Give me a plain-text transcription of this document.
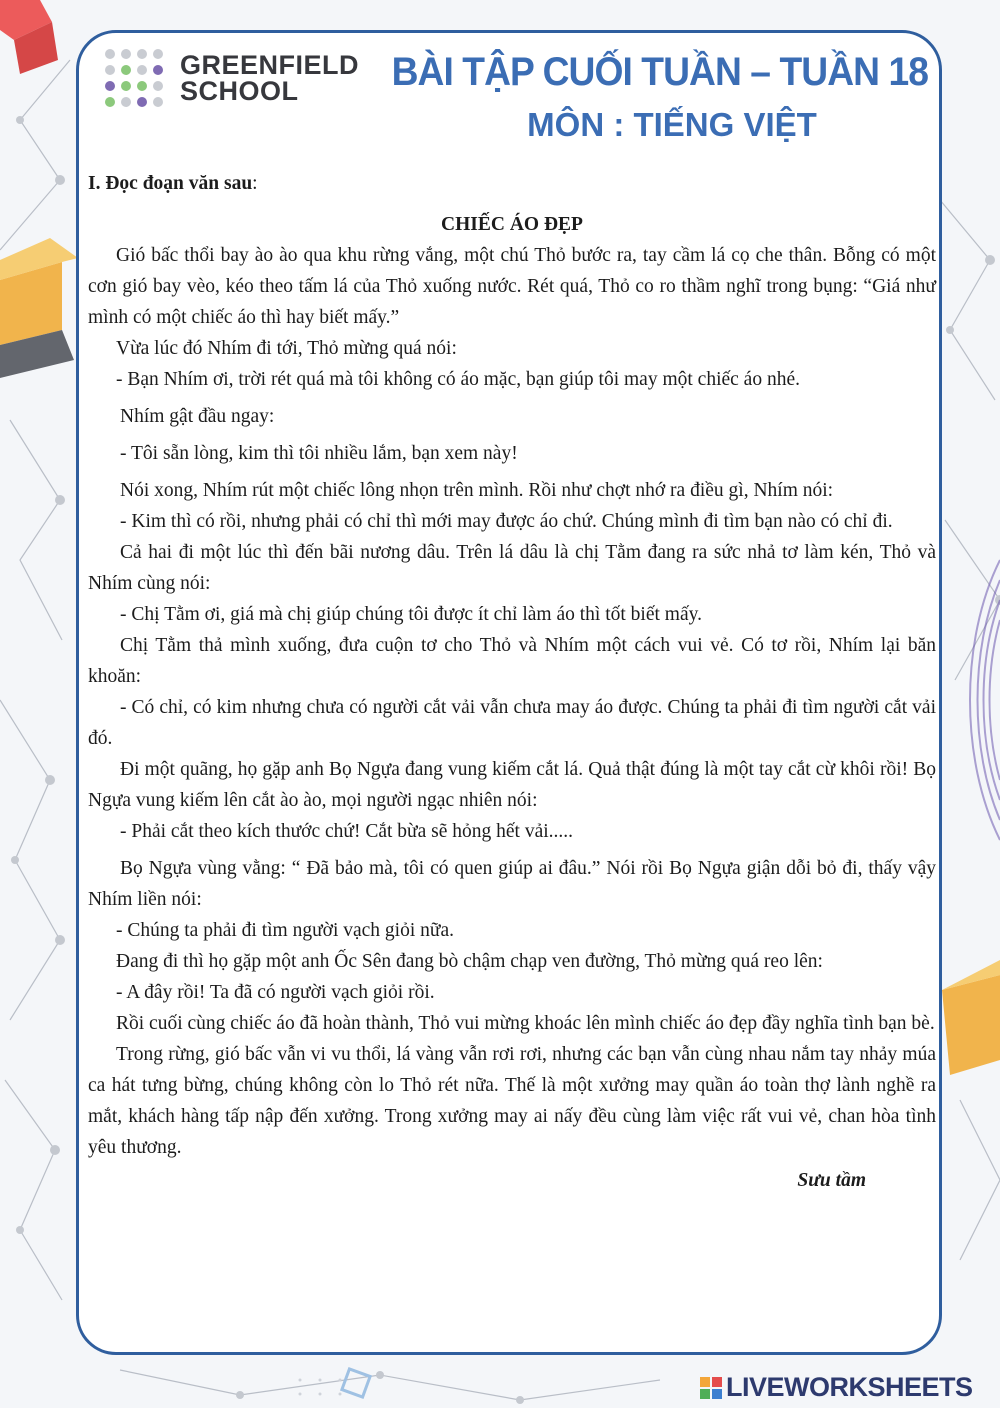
GREENFIELD
SCHOOL	BÀI TẬP CUỐI TUẦN – TUẦN 18
MÔN : TIẾNG VIỆT

I. Đọc đoạn văn sau:

CHIẾC ÁO ĐẸP

Gió bấc thổi bay ào ào qua khu rừng vắng, một chú Thỏ bước ra, tay cầm lá cọ che thân. Bỗng có một cơn gió bay vèo, kéo theo tấm lá của Thỏ xuống nước. Rét quá, Thỏ co ro thầm nghĩ trong bụng: “Giá như mình có một chiếc áo thì hay biết mấy.”

Vừa lúc đó Nhím đi tới, Thỏ mừng quá nói:

- Bạn Nhím ơi, trời rét quá mà tôi không có áo mặc, bạn giúp tôi may một chiếc áo nhé.

Nhím gật đầu ngay:

- Tôi sẵn lòng, kim thì tôi nhiều lắm, bạn xem này!

Nói xong, Nhím rút một chiếc lông nhọn trên mình. Rồi như chợt nhớ ra điều gì, Nhím nói:

- Kim thì có rồi, nhưng phải có chỉ thì mới may được áo chứ. Chúng mình đi tìm bạn nào có chỉ đi.

Cả hai đi một lúc thì đến bãi nương dâu. Trên lá dâu là chị Tằm đang ra sức nhả tơ làm kén, Thỏ và Nhím cùng nói:

- Chị Tằm ơi, giá mà chị giúp chúng tôi được ít chỉ làm áo thì tốt biết mấy.

Chị Tằm thả mình xuống, đưa cuộn tơ cho Thỏ và Nhím một cách vui vẻ. Có tơ rồi, Nhím lại băn khoăn:

- Có chỉ, có kim nhưng chưa có người cắt vải vẫn chưa may áo được. Chúng ta phải đi tìm người cắt vải đó.

Đi một quãng, họ gặp anh Bọ Ngựa đang vung kiếm cắt lá. Quả thật đúng là một tay cắt cừ khôi rồi! Bọ Ngựa vung kiếm lên cắt ào ào, mọi người ngạc nhiên nói:

- Phải cắt theo kích thước chứ! Cắt bừa sẽ hỏng hết vải.....

Bọ Ngựa vùng vằng: “ Đã bảo mà, tôi có quen giúp ai đâu.” Nói rồi Bọ Ngựa giận dỗi bỏ đi, thấy vậy Nhím liền nói:

- Chúng ta phải đi tìm người vạch giỏi nữa.

Đang đi thì họ gặp một anh Ốc Sên đang bò chậm chạp ven đường, Thỏ mừng quá reo lên:

- A đây rồi! Ta đã có người vạch giỏi rồi.

Rồi cuối cùng chiếc áo đã hoàn thành, Thỏ vui mừng khoác lên mình chiếc áo đẹp đầy nghĩa tình bạn bè.

Trong rừng, gió bấc vẫn vi vu thổi, lá vàng vẫn rơi rơi, nhưng các bạn vẫn cùng nhau nắm tay nhảy múa ca hát tưng bừng, chúng không còn lo Thỏ rét nữa. Thế là một xưởng may quần áo toàn thợ lành nghề ra mắt, khách hàng tấp nập đến xưởng. Trong xưởng may ai nấy đều cùng làm việc rất vui vẻ, chan hòa tình yêu thương.

Sưu tầm

LIVEWORKSHEETS
